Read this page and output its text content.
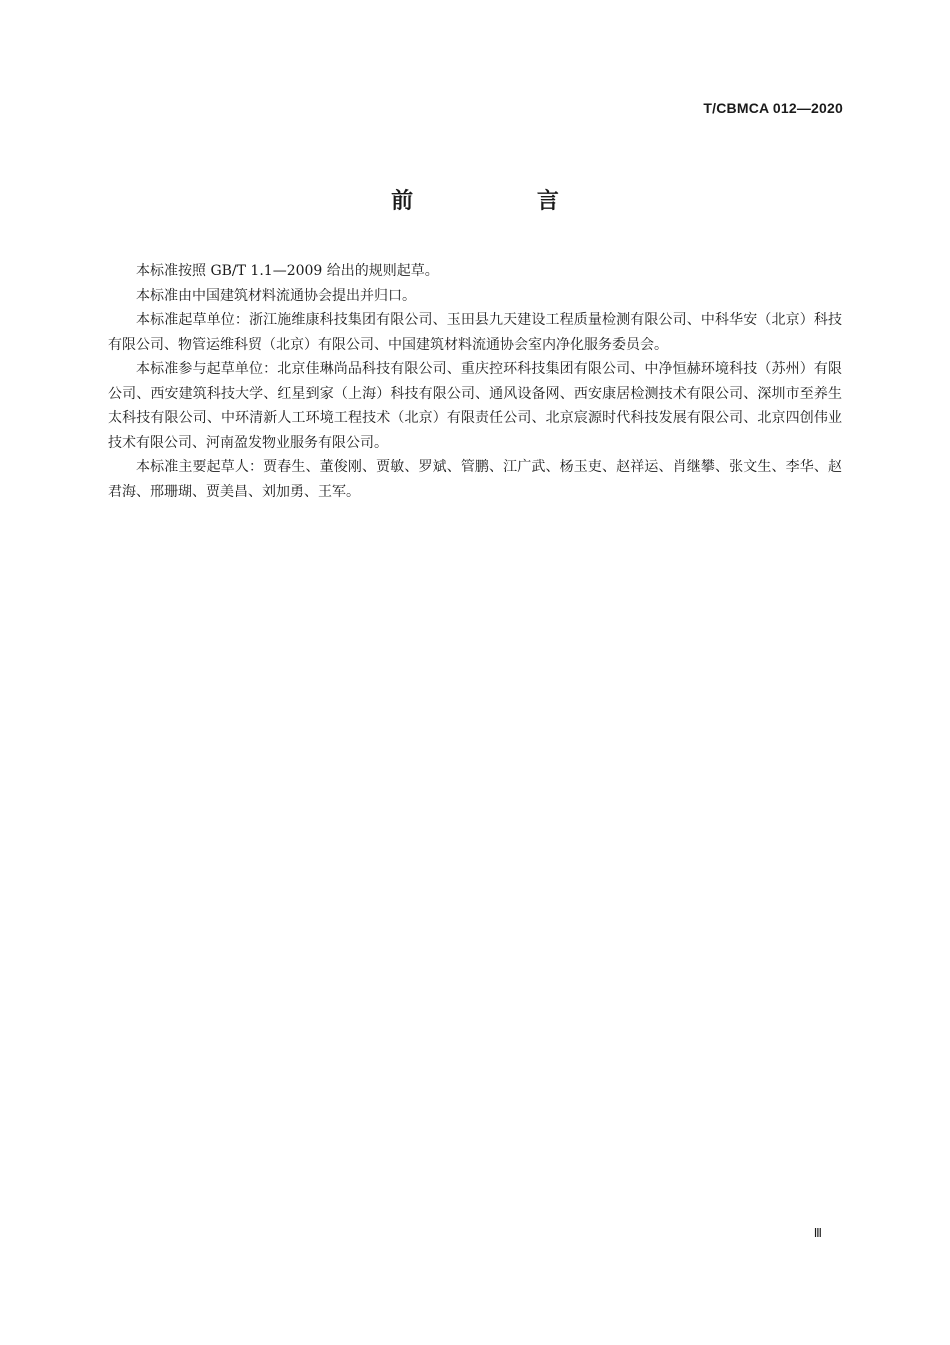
T/CBMCA 012—2020
前 言

本标准按照 GB/T 1.1—2009 给出的规则起草。

本标准由中国建筑材料流通协会提出并归口。

本标准起草单位：浙江施维康科技集团有限公司、玉田县九天建设工程质量检测有限公司、中科华安（北京）科技有限公司、物管运维科贸（北京）有限公司、中国建筑材料流通协会室内净化服务委员会。

本标准参与起草单位：北京佳琳尚品科技有限公司、重庆控环科技集团有限公司、中净恒赫环境科技（苏州）有限公司、西安建筑科技大学、红星到家（上海）科技有限公司、通风设备网、西安康居检测技术有限公司、深圳市至养生太科技有限公司、中环清新人工环境工程技术（北京）有限责任公司、北京宸源时代科技发展有限公司、北京四创伟业技术有限公司、河南盈发物业服务有限公司。

本标准主要起草人：贾春生、董俊刚、贾敏、罗斌、管鹏、江广武、杨玉吏、赵祥运、肖继攀、张文生、李华、赵君海、邢珊瑚、贾美昌、刘加勇、王军。

Ⅲ
